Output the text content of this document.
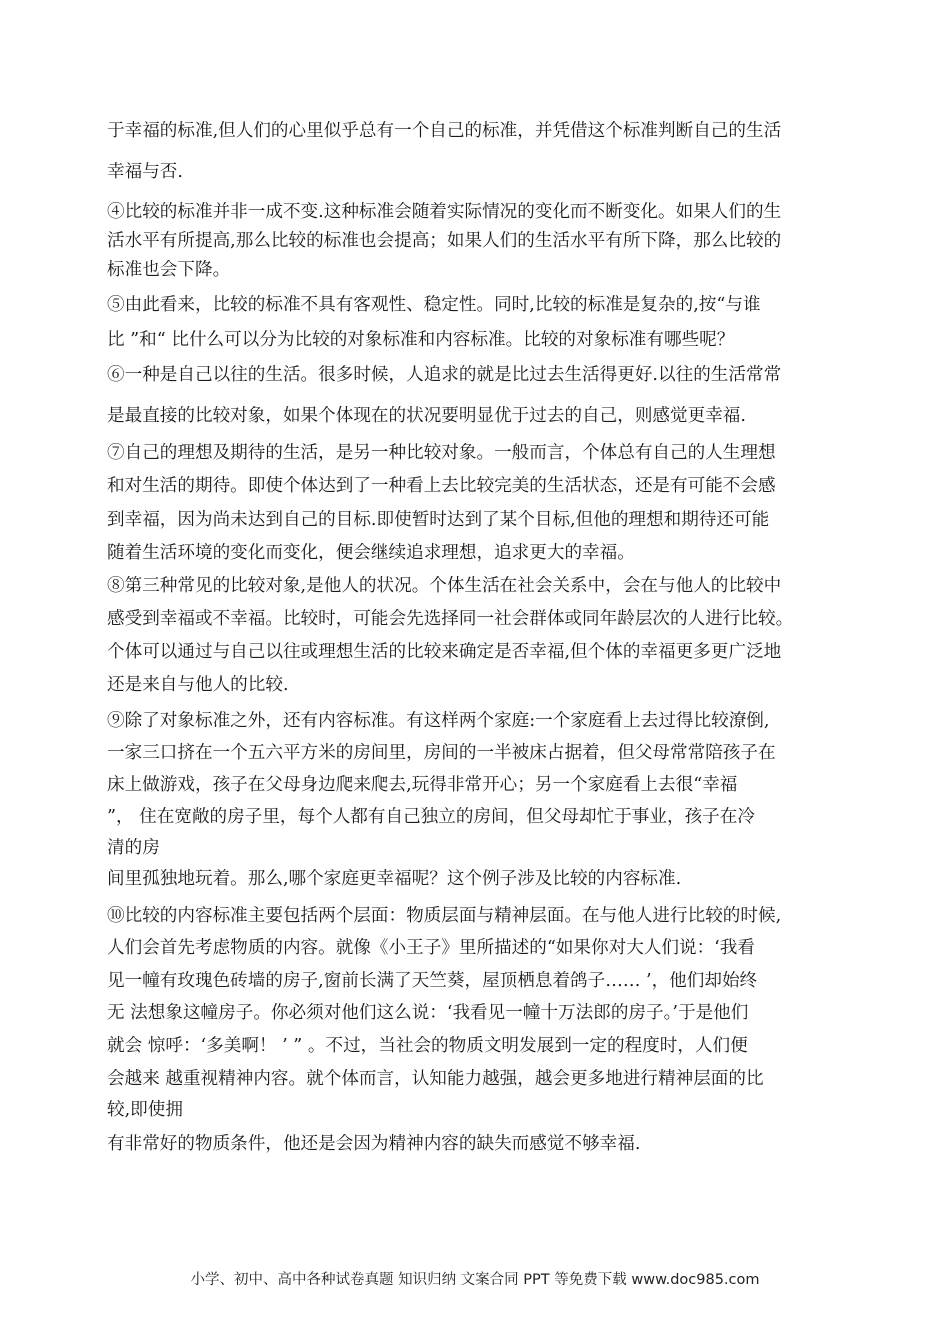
于幸福的标准,但人们的心里似乎总有一个自己的标准，并凭借这个标准判断自己的生活
幸福与否.
④比较的标准并非一成不变.这种标准会随着实际情况的变化而不断变化。如果人们的生
活水平有所提高,那么比较的标准也会提高；如果人们的生活水平有所下降，那么比较的
标准也会下降。
⑤由此看来，比较的标准不具有客观性、稳定性。同时,比较的标准是复杂的,按“与谁
比 ”和“ 比什么可以分为比较的对象标准和内容标准。比较的对象标准有哪些呢？
⑥一种是自己以往的生活。很多时候，人追求的就是比过去生活得更好.以往的生活常常
是最直接的比较对象，如果个体现在的状况要明显优于过去的自己，则感觉更幸福.
⑦自己的理想及期待的生活，是另一种比较对象。一般而言，个体总有自己的人生理想
和对生活的期待。即使个体达到了一种看上去比较完美的生活状态，还是有可能不会感
到幸福，因为尚未达到自己的目标.即使暂时达到了某个目标,但他的理想和期待还可能
随着生活环境的变化而变化，便会继续追求理想，追求更大的幸福。
⑧第三种常见的比较对象,是他人的状况。个体生活在社会关系中，会在与他人的比较中
感受到幸福或不幸福。比较时，可能会先选择同一社会群体或同年龄层次的人进行比较。
个体可以通过与自己以往或理想生活的比较来确定是否幸福,但个体的幸福更多更广泛地
还是来自与他人的比较.
⑨除了对象标准之外，还有内容标准。有这样两个家庭:一个家庭看上去过得比较潦倒,
一家三口挤在一个五六平方米的房间里，房间的一半被床占据着，但父母常常陪孩子在
床上做游戏，孩子在父母身边爬来爬去,玩得非常开心；另一个家庭看上去很“幸福
”， 住在宽敞的房子里，每个人都有自己独立的房间，但父母却忙于事业，孩子在冷
清的房
间里孤独地玩着。那么,哪个家庭更幸福呢？这个例子涉及比较的内容标准.
⑩比较的内容标准主要包括两个层面：物质层面与精神层面。在与他人进行比较的时候,
人们会首先考虑物质的内容。就像《小王子》里所描述的“如果你对大人们说：‘我看
见一幢有玫瑰色砖墙的房子,窗前长满了天竺葵，屋顶栖息着鸽子…… ’，他们却始终
无 法想象这幢房子。你必须对他们这么说：‘我看见一幢十万法郎的房子。’于是他们
就会 惊呼：‘多美啊！ ’ ” 。不过，当社会的物质文明发展到一定的程度时，人们便
会越来 越重视精神内容。就个体而言，认知能力越强，越会更多地进行精神层面的比
较,即使拥
有非常好的物质条件，他还是会因为精神内容的缺失而感觉不够幸福.
小学、初中、高中各种试卷真题 知识归纳 文案合同 PPT 等免费下载 www.doc985.com
